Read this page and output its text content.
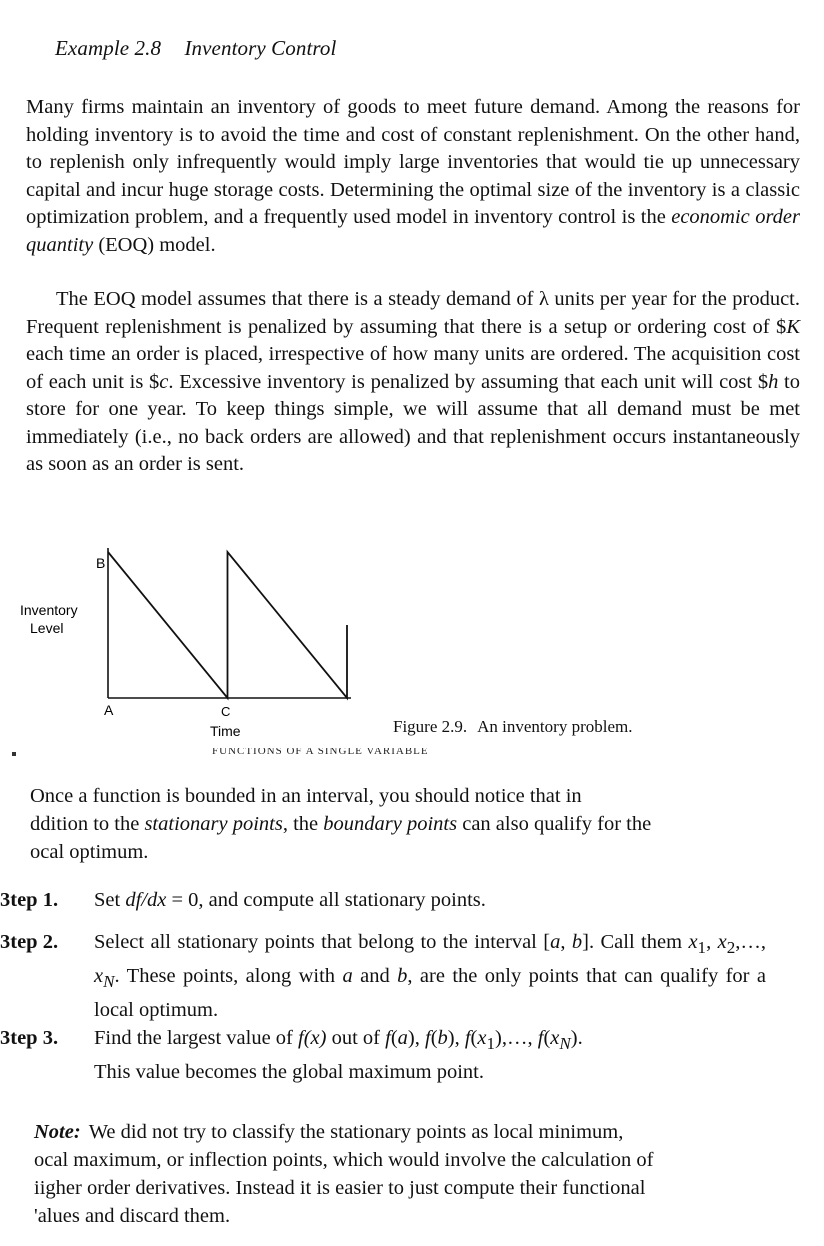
Example 2.8 Inventory Control

Many firms maintain an inventory of goods to meet future demand. Among the reasons for holding inventory is to avoid the time and cost of constant replenishment. On the other hand, to replenish only infrequently would imply large inventories that would tie up unnecessary capital and incur huge storage costs. Determining the optimal size of the inventory is a classic optimization problem, and a frequently used model in inventory control is the economic order quantity (EOQ) model.

The EOQ model assumes that there is a steady demand of λ units per year for the product. Frequent replenishment is penalized by assuming that there is a setup or ordering cost of $K each time an order is placed, irrespective of how many units are ordered. The acquisition cost of each unit is $c. Excessive inventory is penalized by assuming that each unit will cost $h to store for one year. To keep things simple, we will assume that all demand must be met immediately (i.e., no back orders are allowed) and that replenishment occurs instantaneously as soon as an order is sent.

Inventory
Level
B
A	C
Time	Figure 2.9. An inventory problem.
FUNCTIONS OF A SINGLE VARIABLE

Once a function is bounded in an interval, you should notice that in
ddition to the stationary points, the boundary points can also qualify for the
ocal optimum.

3tep 1. Set df/dx = 0, and compute all stationary points.
3tep 2. Select all stationary points that belong to the interval [a, b]. Call them $x_1$, $x_2,\dots$, $x_N$. These points, along with a and b, are the only points that can qualify for a local optimum.
3tep 3. Find the largest value of f(x) out of f(a), f(b), $f(x_1),\dots$, $f(x_N)$.
This value becomes the global maximum point.

Note: We did not try to classify the stationary points as local minimum,
ocal maximum, or inflection points, which would involve the calculation of
iigher order derivatives. Instead it is easier to just compute their functional
'alues and discard them.
